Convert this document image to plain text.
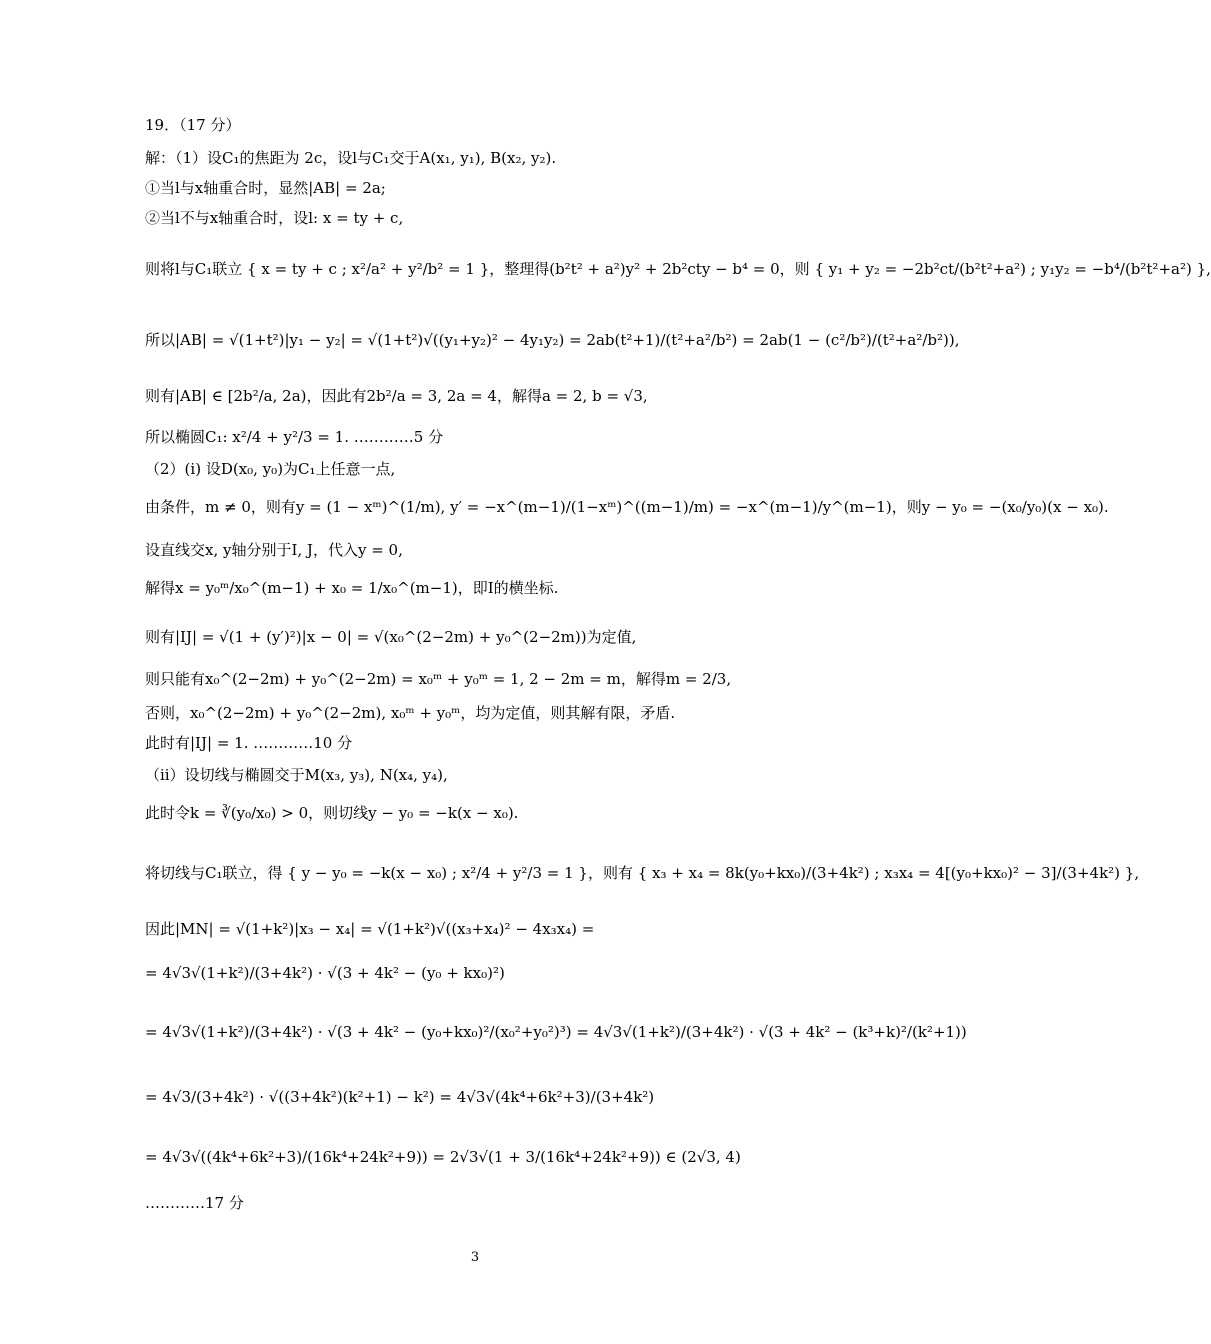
19．（17 分）
解：（1）设C₁的焦距为 2c，设l与C₁交于A(x₁, y₁), B(x₂, y₂).
①当l与x轴重合时，显然|AB| = 2a;
②当l不与x轴重合时，设l: x = ty + c,
则将l与C₁联立 { x = ty + c ; x²/a² + y²/b² = 1 }，整理得(b²t² + a²)y² + 2b²cty − b⁴ = 0，则 { y₁ + y₂ = −2b²ct/(b²t²+a²) ; y₁y₂ = −b⁴/(b²t²+a²) },
所以|AB| = √(1+t²)|y₁ − y₂| = √(1+t²)√((y₁+y₂)² − 4y₁y₂) = 2ab(t²+1)/(t²+a²/b²) = 2ab(1 − (c²/b²)/(t²+a²/b²)),
则有|AB| ∈ [2b²/a, 2a)，因此有2b²/a = 3, 2a = 4，解得a = 2, b = √3,
所以椭圆C₁: x²/4 + y²/3 = 1. …………5 分
（2）(i) 设D(x₀, y₀)为C₁上任意一点,
由条件，m ≠ 0，则有y = (1 − xᵐ)^(1/m), y′ = −x^(m−1)/(1−xᵐ)^((m−1)/m) = −x^(m−1)/y^(m−1)，则y − y₀ = −(x₀/y₀)(x − x₀).
设直线交x, y轴分别于I, J，代入y = 0,
解得x = y₀ᵐ/x₀^(m−1) + x₀ = 1/x₀^(m−1)，即I的横坐标.
则有|IJ| = √(1 + (y′)²)|x − 0| = √(x₀^(2−2m) + y₀^(2−2m))为定值,
则只能有x₀^(2−2m) + y₀^(2−2m) = x₀ᵐ + y₀ᵐ = 1, 2 − 2m = m，解得m = 2/3,
否则，x₀^(2−2m) + y₀^(2−2m), x₀ᵐ + y₀ᵐ，均为定值，则其解有限，矛盾.
此时有|IJ| = 1. …………10 分
（ii）设切线与椭圆交于M(x₃, y₃), N(x₄, y₄),
此时令k = ∛(y₀/x₀) > 0，则切线y − y₀ = −k(x − x₀).
将切线与C₁联立，得 { y − y₀ = −k(x − x₀) ; x²/4 + y²/3 = 1 }，则有 { x₃ + x₄ = 8k(y₀+kx₀)/(3+4k²) ; x₃x₄ = 4[(y₀+kx₀)² − 3]/(3+4k²) },
因此|MN| = √(1+k²)|x₃ − x₄| = √(1+k²)√((x₃+x₄)² − 4x₃x₄) =
= 4√3√(1+k²)/(3+4k²) · √(3 + 4k² − (y₀ + kx₀)²)
= 4√3√(1+k²)/(3+4k²) · √(3 + 4k² − (y₀+kx₀)²/(x₀²+y₀²)³) = 4√3√(1+k²)/(3+4k²) · √(3 + 4k² − (k³+k)²/(k²+1))
= 4√3/(3+4k²) · √((3+4k²)(k²+1) − k²) = 4√3√(4k⁴+6k²+3)/(3+4k²)
= 4√3√((4k⁴+6k²+3)/(16k⁴+24k²+9)) = 2√3√(1 + 3/(16k⁴+24k²+9)) ∈ (2√3, 4)
…………17 分
3
